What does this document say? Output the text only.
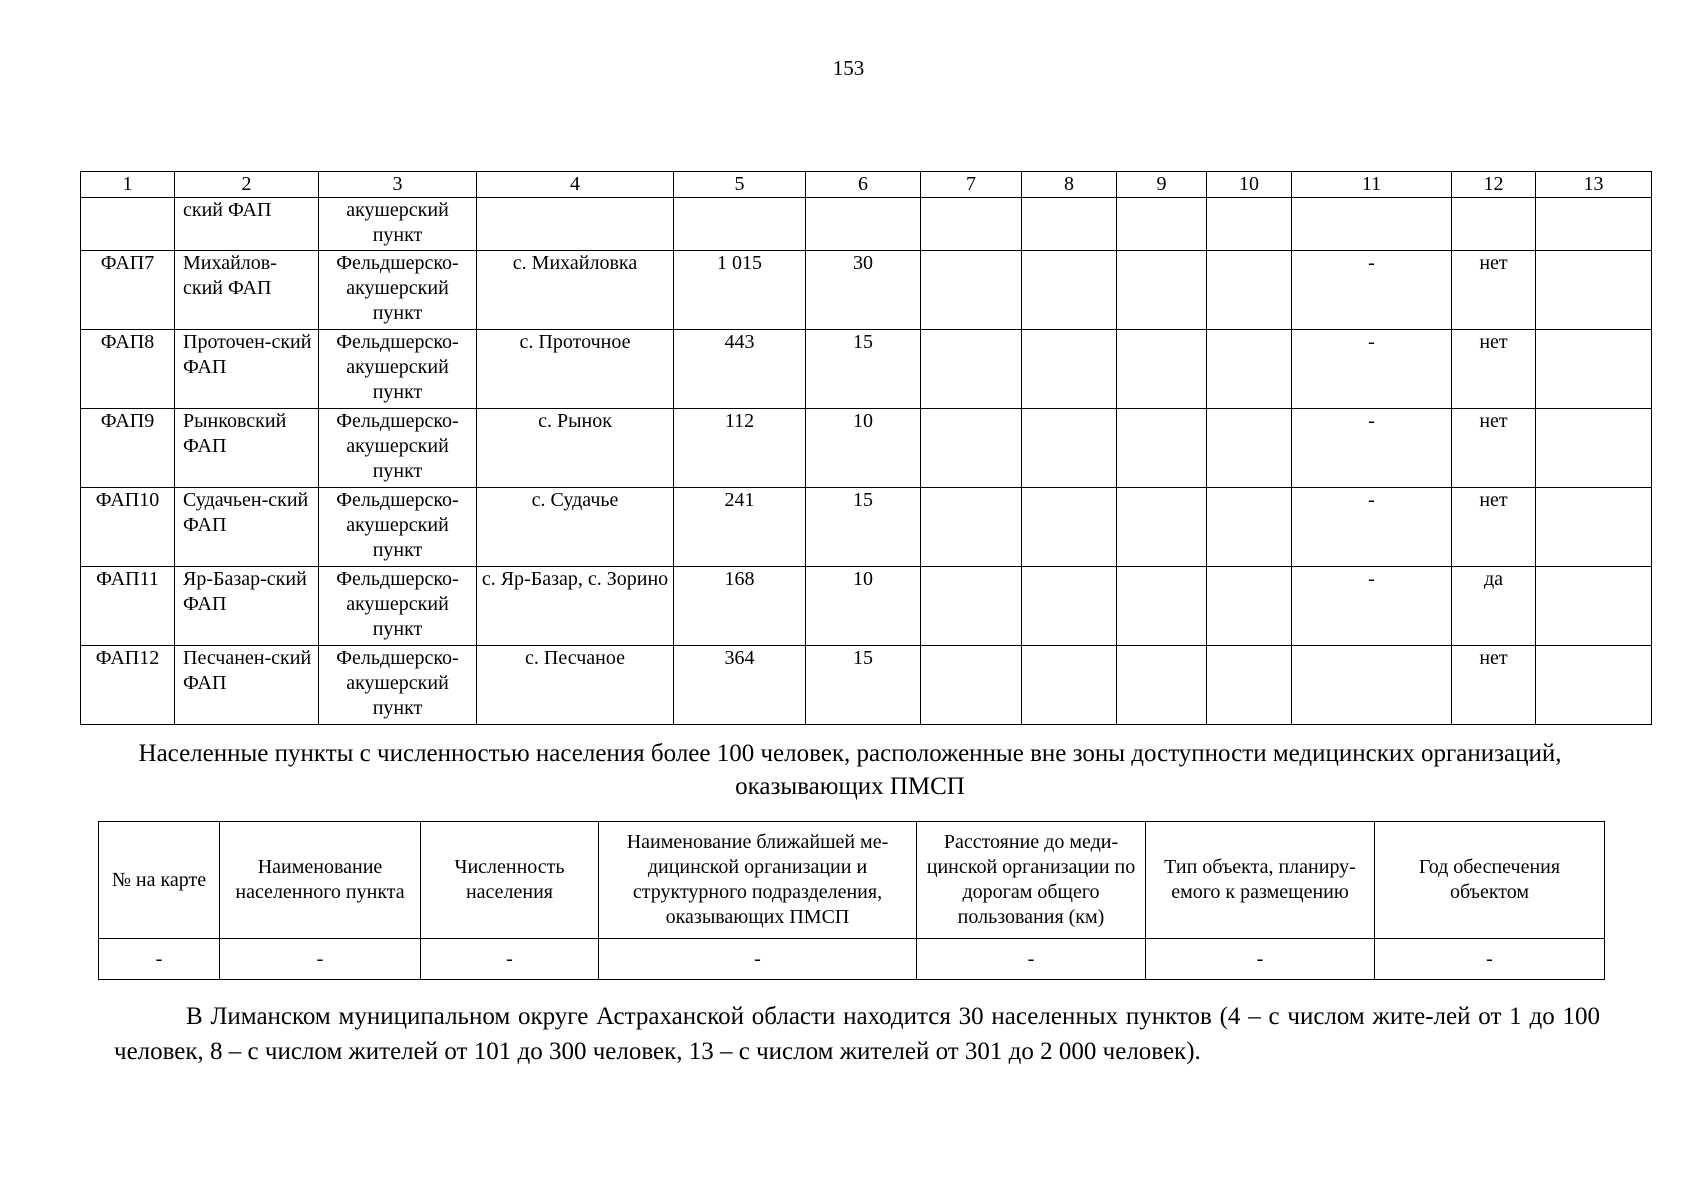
153
1	2	3	4	5	6	7	8	9	10	11	12	13
	ский ФАП	акушерский пункт										
ФАП7	Михайлов-ский ФАП	Фельдшерско-акушерский пункт	с. Михайловка	1 015	30					-	нет	
ФАП8	Проточен-ский ФАП	Фельдшерско-акушерский пункт	с. Проточное	443	15					-	нет	
ФАП9	Рынковский ФАП	Фельдшерско-акушерский пункт	с. Рынок	112	10					-	нет	
ФАП10	Судачьен-ский ФАП	Фельдшерско-акушерский пункт	с. Судачье	241	15					-	нет	
ФАП11	Яр-Базар-ский ФАП	Фельдшерско-акушерский пункт	с. Яр-Базар, с. Зорино	168	10					-	да	
ФАП12	Песчанен-ский ФАП	Фельдшерско-акушерский пункт	с. Песчаное	364	15						нет	
Населенные пункты с численностью населения более 100 человек, расположенные вне зоны доступности медицинских организаций, оказывающих ПМСП
№ на карте	Наименование населенного пункта	Численность населения	Наименование ближайшей ме-дицинской организации и структурного подразделения, оказывающих ПМСП	Расстояние до меди-цинской организации по дорогам общего пользования (км)	Тип объекта, планиру-емого к размещению	Год обеспечения объектом
-	-	-	-	-	-	-
В Лиманском муниципальном округе Астраханской области находится 30 населенных пунктов (4 – с числом жите-лей от 1 до 100 человек, 8 – с числом жителей от 101 до 300 человек, 13 – с числом жителей от 301 до 2 000 человек).
